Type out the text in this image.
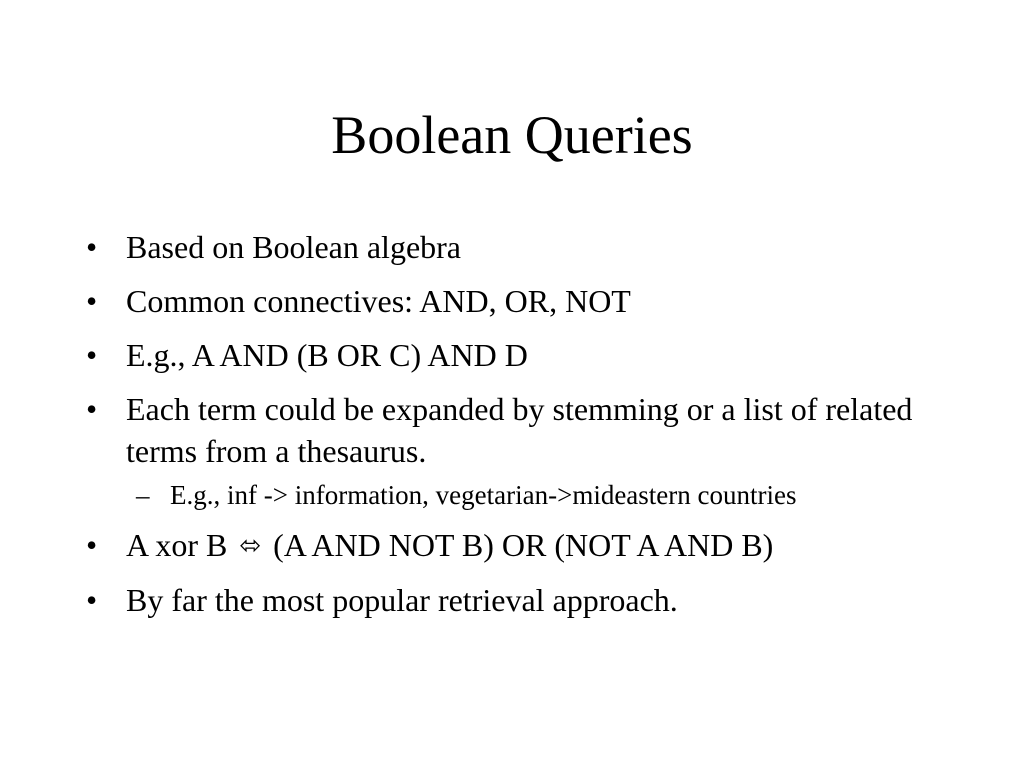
Boolean Queries
• Based on Boolean algebra
• Common connectives: AND, OR, NOT
• E.g., A AND (B OR C) AND D
• Each term could be expanded by stemming or a list of related terms from a thesaurus.
– E.g., inf -> information, vegetarian->mideastern countries
• A xor B ⬄ (A AND NOT B) OR (NOT A AND B)
• By far the most popular retrieval approach.
